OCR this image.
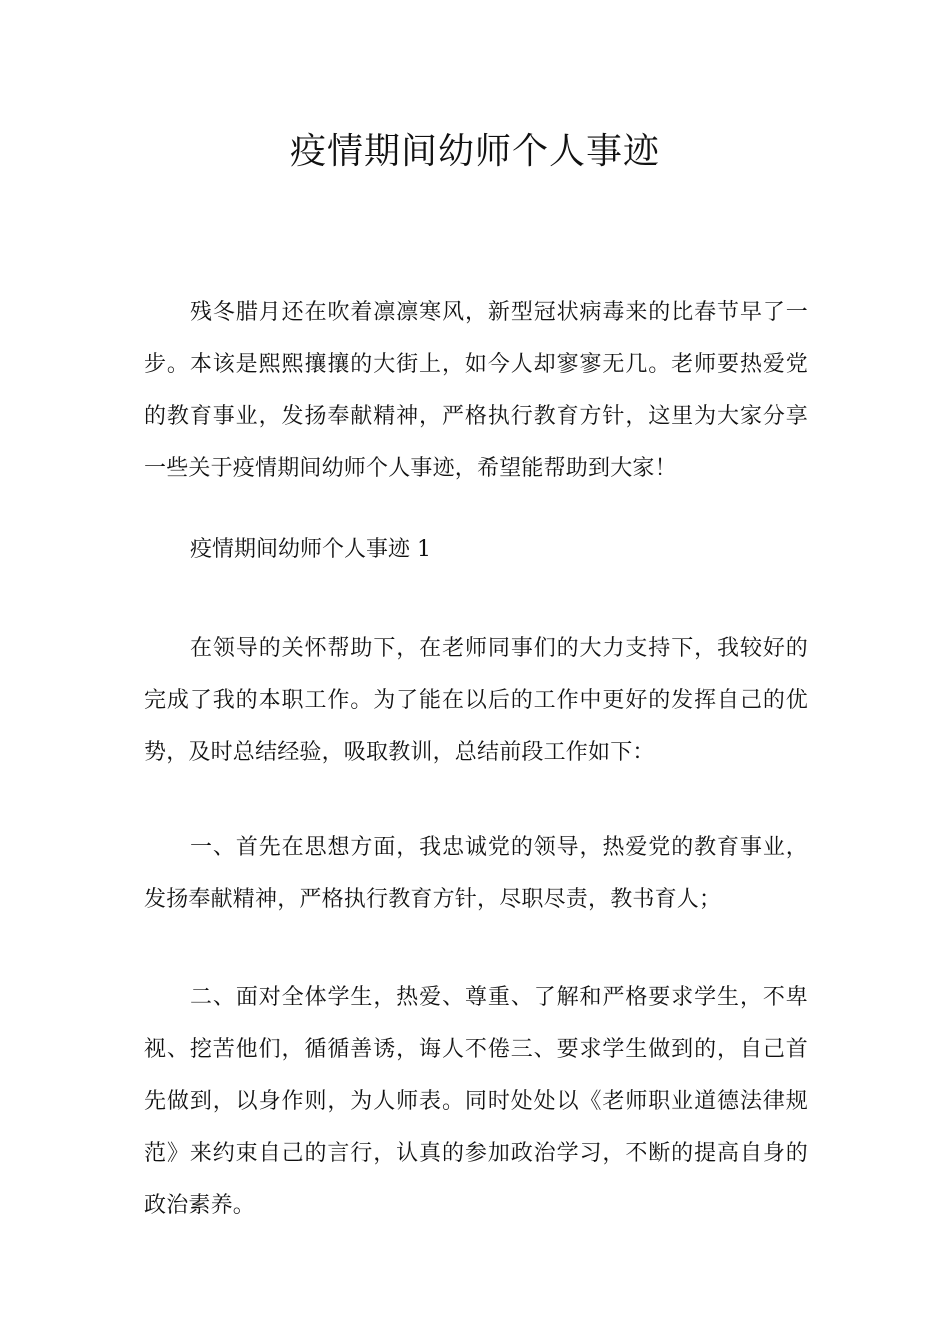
疫情期间幼师个人事迹

残冬腊月还在吹着凛凛寒风，新型冠状病毒来的比春节早了一步。本该是熙熙攘攘的大街上，如今人却寥寥无几。老师要热爱党的教育事业，发扬奉献精神，严格执行教育方针，这里为大家分享一些关于疫情期间幼师个人事迹，希望能帮助到大家！

疫情期间幼师个人事迹 1

在领导的关怀帮助下，在老师同事们的大力支持下，我较好的完成了我的本职工作。为了能在以后的工作中更好的发挥自己的优势，及时总结经验，吸取教训，总结前段工作如下：

一、首先在思想方面，我忠诚党的领导，热爱党的教育事业，发扬奉献精神，严格执行教育方针，尽职尽责，教书育人；

二、面对全体学生，热爱、尊重、了解和严格要求学生，不卑视、挖苦他们，循循善诱，诲人不倦三、要求学生做到的，自己首先做到，以身作则，为人师表。同时处处以《老师职业道德法律规范》来约束自己的言行，认真的参加政治学习，不断的提高自身的政治素养。
